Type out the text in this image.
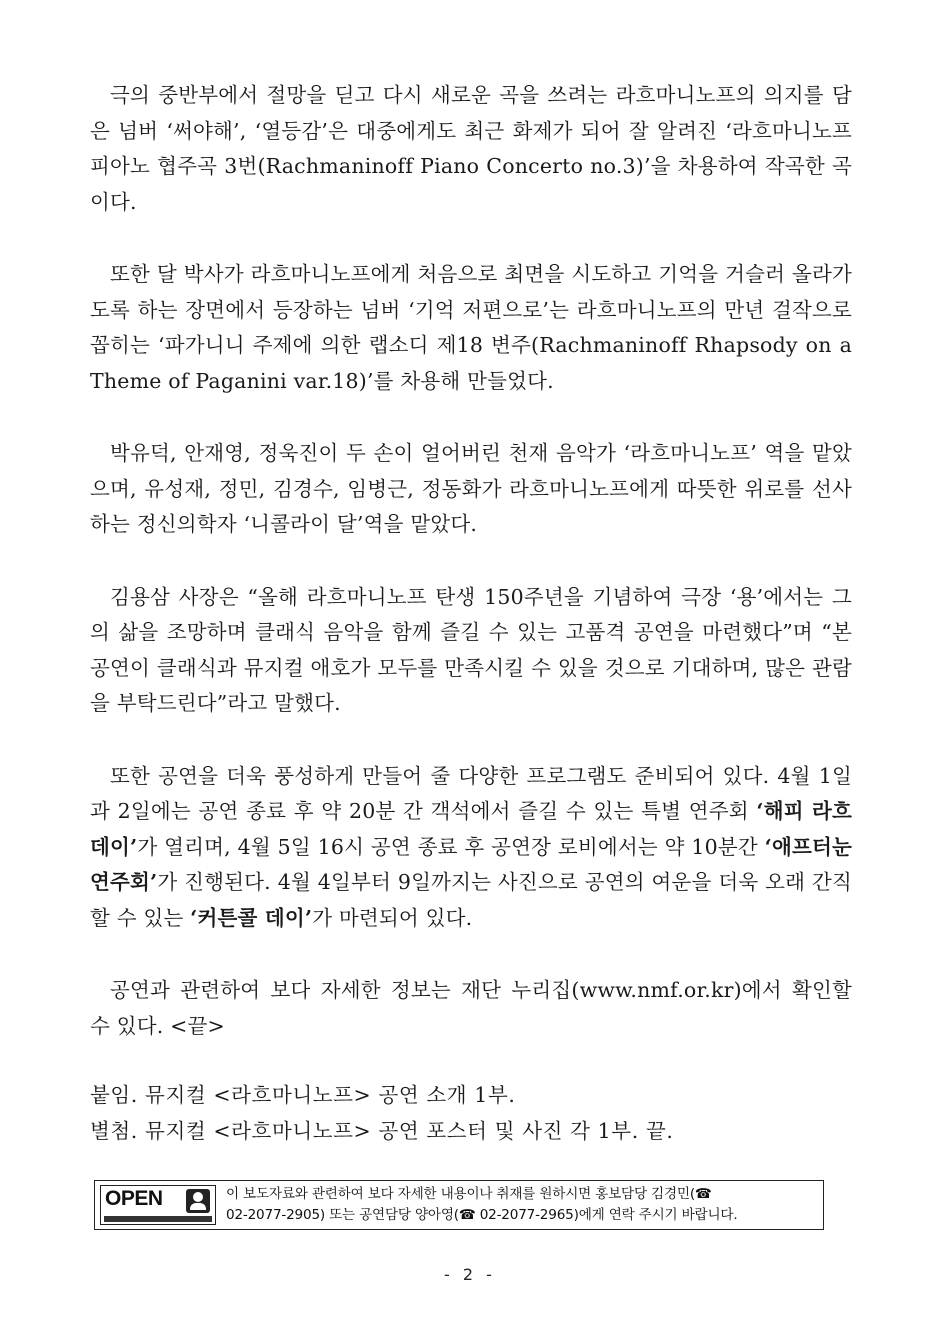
극의 중반부에서 절망을 딛고 다시 새로운 곡을 쓰려는 라흐마니노프의 의지를 담은 넘버 ‘써야해’, ‘열등감’은 대중에게도 최근 화제가 되어 잘 알려진 ‘라흐마니노프 피아노 협주곡 3번(Rachmaninoff Piano Concerto no.3)’을 차용하여 작곡한 곡이다.

또한 달 박사가 라흐마니노프에게 처음으로 최면을 시도하고 기억을 거슬러 올라가도록 하는 장면에서 등장하는 넘버 ‘기억 저편으로’는 라흐마니노프의 만년 걸작으로 꼽히는 ‘파가니니 주제에 의한 랩소디 제18 변주(Rachmaninoff Rhapsody on a Theme of Paganini var.18)’를 차용해 만들었다.

박유덕, 안재영, 정욱진이 두 손이 얼어버린 천재 음악가 ‘라흐마니노프’ 역을 맡았으며, 유성재, 정민, 김경수, 임병근, 정동화가 라흐마니노프에게 따뜻한 위로를 선사하는 정신의학자 ‘니콜라이 달’역을 맡았다.

김용삼 사장은 “올해 라흐마니노프 탄생 150주년을 기념하여 극장 ‘용’에서는 그의 삶을 조망하며 클래식 음악을 함께 즐길 수 있는 고품격 공연을 마련했다”며 “본 공연이 클래식과 뮤지컬 애호가 모두를 만족시킬 수 있을 것으로 기대하며, 많은 관람을 부탁드린다”라고 말했다.

또한 공연을 더욱 풍성하게 만들어 줄 다양한 프로그램도 준비되어 있다. 4월 1일과 2일에는 공연 종료 후 약 20분 간 객석에서 즐길 수 있는 특별 연주회 ‘해피 라흐데이’가 열리며, 4월 5일 16시 공연 종료 후 공연장 로비에서는 약 10분간 ‘애프터눈 연주회’가 진행된다. 4월 4일부터 9일까지는 사진으로 공연의 여운을 더욱 오래 간직할 수 있는 ‘커튼콜 데이’가 마련되어 있다.

공연과 관련하여 보다 자세한 정보는 재단 누리집(www.nmf.or.kr)에서 확인할 수 있다. <끝>

붙임. 뮤지컬 <라흐마니노프> 공연 소개 1부.

별첨. 뮤지컬 <라흐마니노프> 공연 포스터 및 사진 각 1부. 끝.

OPEN	이 보도자료와 관련하여 보다 자세한 내용이나 취재를 원하시면 홍보담당 김경민(☎
02-2077-2905) 또는 공연담당 양아영(☎ 02-2077-2965)에게 연락 주시기 바랍니다.
- 2 -
